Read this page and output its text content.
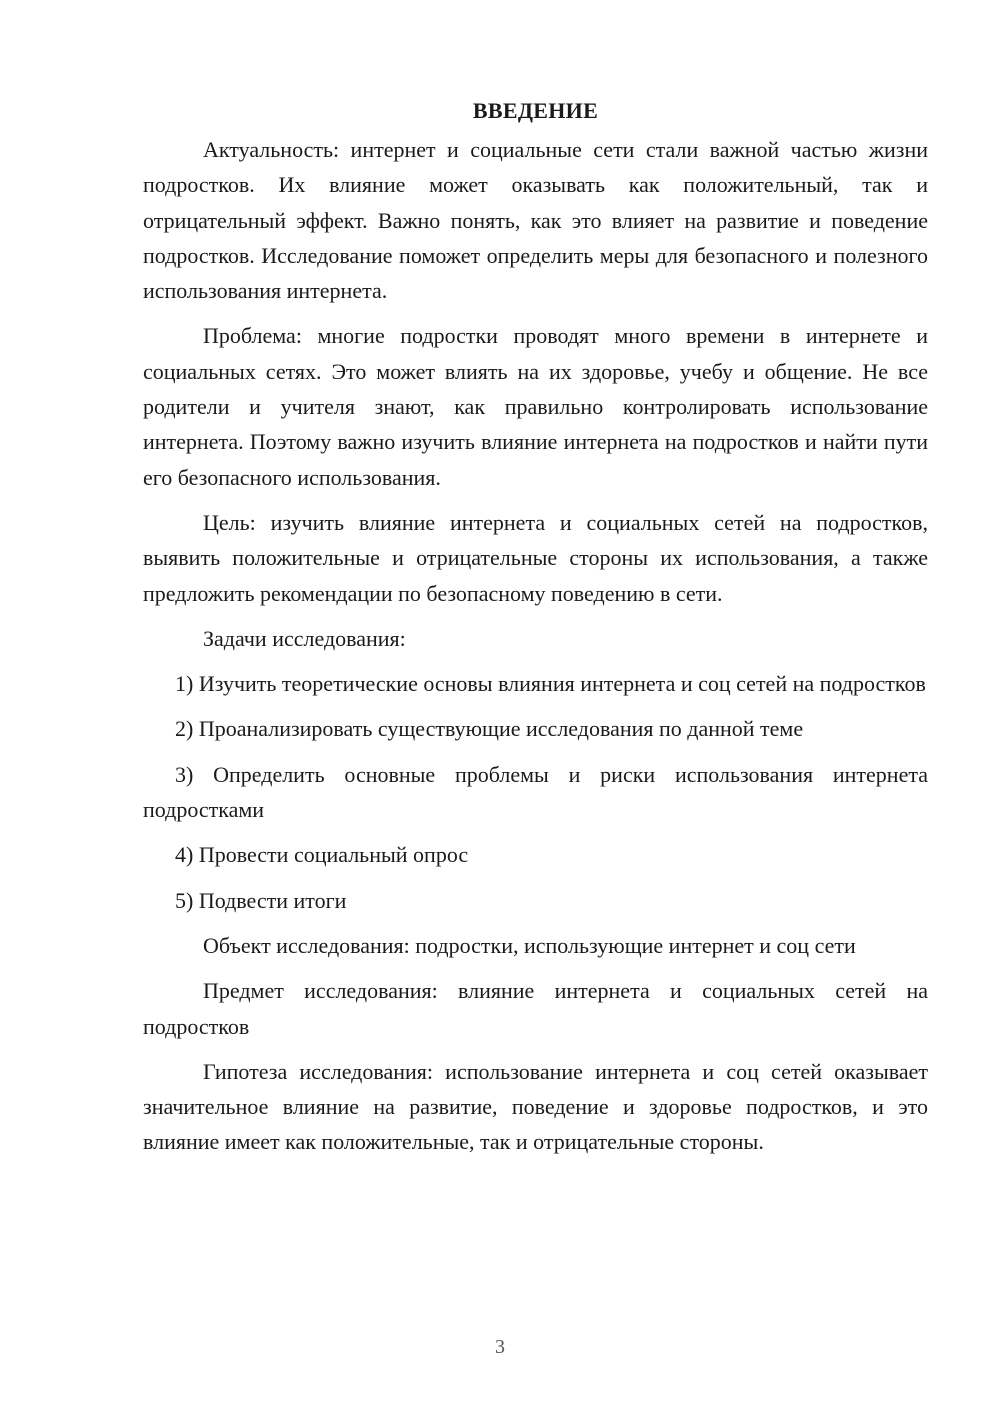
ВВЕДЕНИЕ

Актуальность: интернет и социальные сети стали важной частью жизни подростков. Их влияние может оказывать как положительный, так и отрицательный эффект. Важно понять, как это влияет на развитие и поведение подростков. Исследование поможет определить меры для безопасного и полезного использования интернета.

Проблема: многие подростки проводят много времени в интернете и социальных сетях. Это может влиять на их здоровье, учебу и общение. Не все родители и учителя знают, как правильно контролировать использование интернета. Поэтому важно изучить влияние интернета на подростков и найти пути его безопасного использования.

Цель: изучить влияние интернета и социальных сетей на подростков, выявить положительные и отрицательные стороны их использования, а также предложить рекомендации по безопасному поведению в сети.

Задачи исследования:

1) Изучить теоретические основы влияния интернета и соц сетей на подростков

2) Проанализировать существующие исследования по данной теме

3) Определить основные проблемы и риски использования интернета подростками

4) Провести социальный опрос

5) Подвести итоги

Объект исследования: подростки, использующие интернет и соц сети

Предмет исследования: влияние интернета и социальных сетей на подростков

Гипотеза исследования: использование интернета и соц сетей оказывает значительное влияние на развитие, поведение и здоровье подростков, и это влияние имеет как положительные, так и отрицательные стороны.

3
